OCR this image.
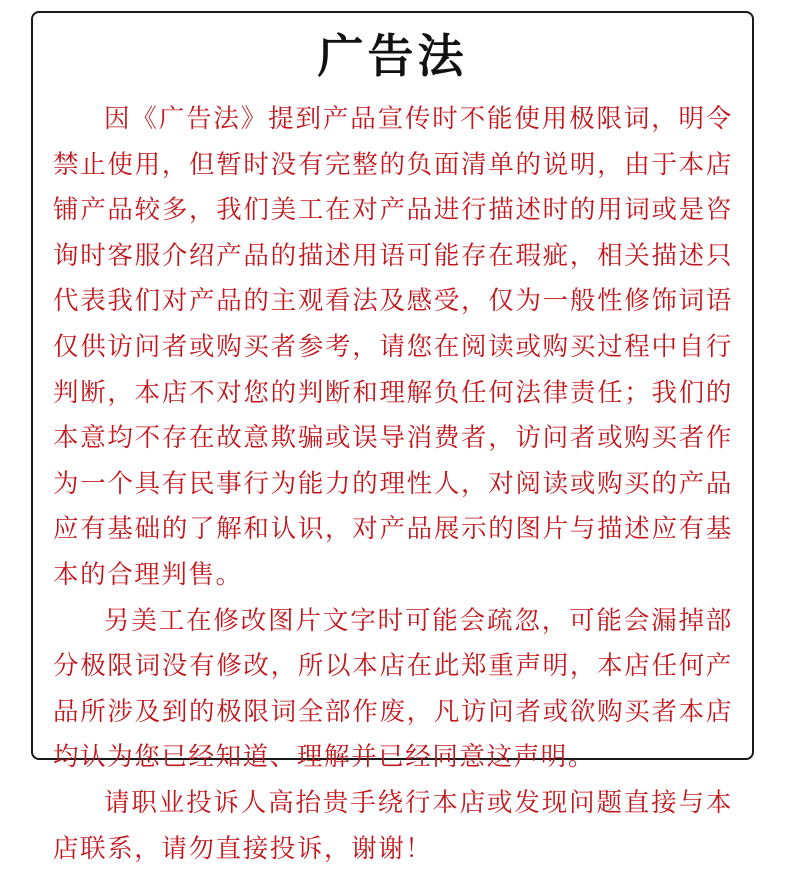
广告法

因《广告法》提到产品宣传时不能使用极限词，明令禁止使用，但暂时没有完整的负面清单的说明，由于本店铺产品较多，我们美工在对产品进行描述时的用词或是咨询时客服介绍产品的描述用语可能存在瑕疵，相关描述只代表我们对产品的主观看法及感受，仅为一般性修饰词语仅供访问者或购买者参考，请您在阅读或购买过程中自行判断，本店不对您的判断和理解负任何法律责任；我们的本意均不存在故意欺骗或误导消费者，访问者或购买者作为一个具有民事行为能力的理性人，对阅读或购买的产品应有基础的了解和认识，对产品展示的图片与描述应有基本的合理判售。

另美工在修改图片文字时可能会疏忽，可能会漏掉部分极限词没有修改，所以本店在此郑重声明，本店任何产品所涉及到的极限词全部作废，凡访问者或欲购买者本店均认为您已经知道、理解并已经同意这声明。

请职业投诉人高抬贵手绕行本店或发现问题直接与本店联系，请勿直接投诉，谢谢！
